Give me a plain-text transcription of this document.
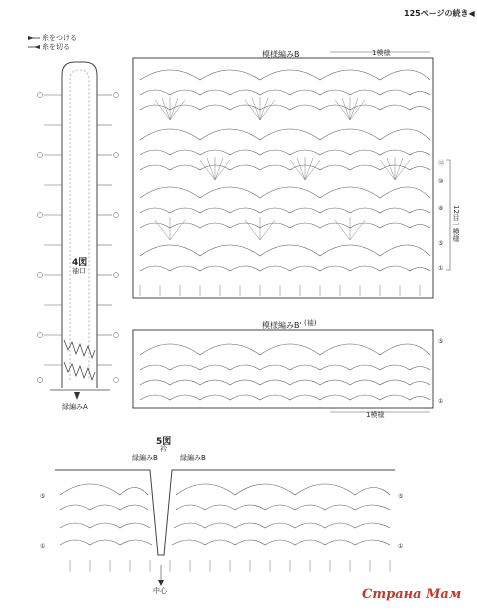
125ページの続き◀
糸をつける
糸を切る
4図
袖口
緑編みA
模様編みB	1模様
⑫
⑩
⑧
⑤
①
12目一模様
模様編みB' (袖)
⑤
①
1模様
5図
衿
緑編みB	緑編みB
⑤
①
⑤
①
中心	Страна Мам
